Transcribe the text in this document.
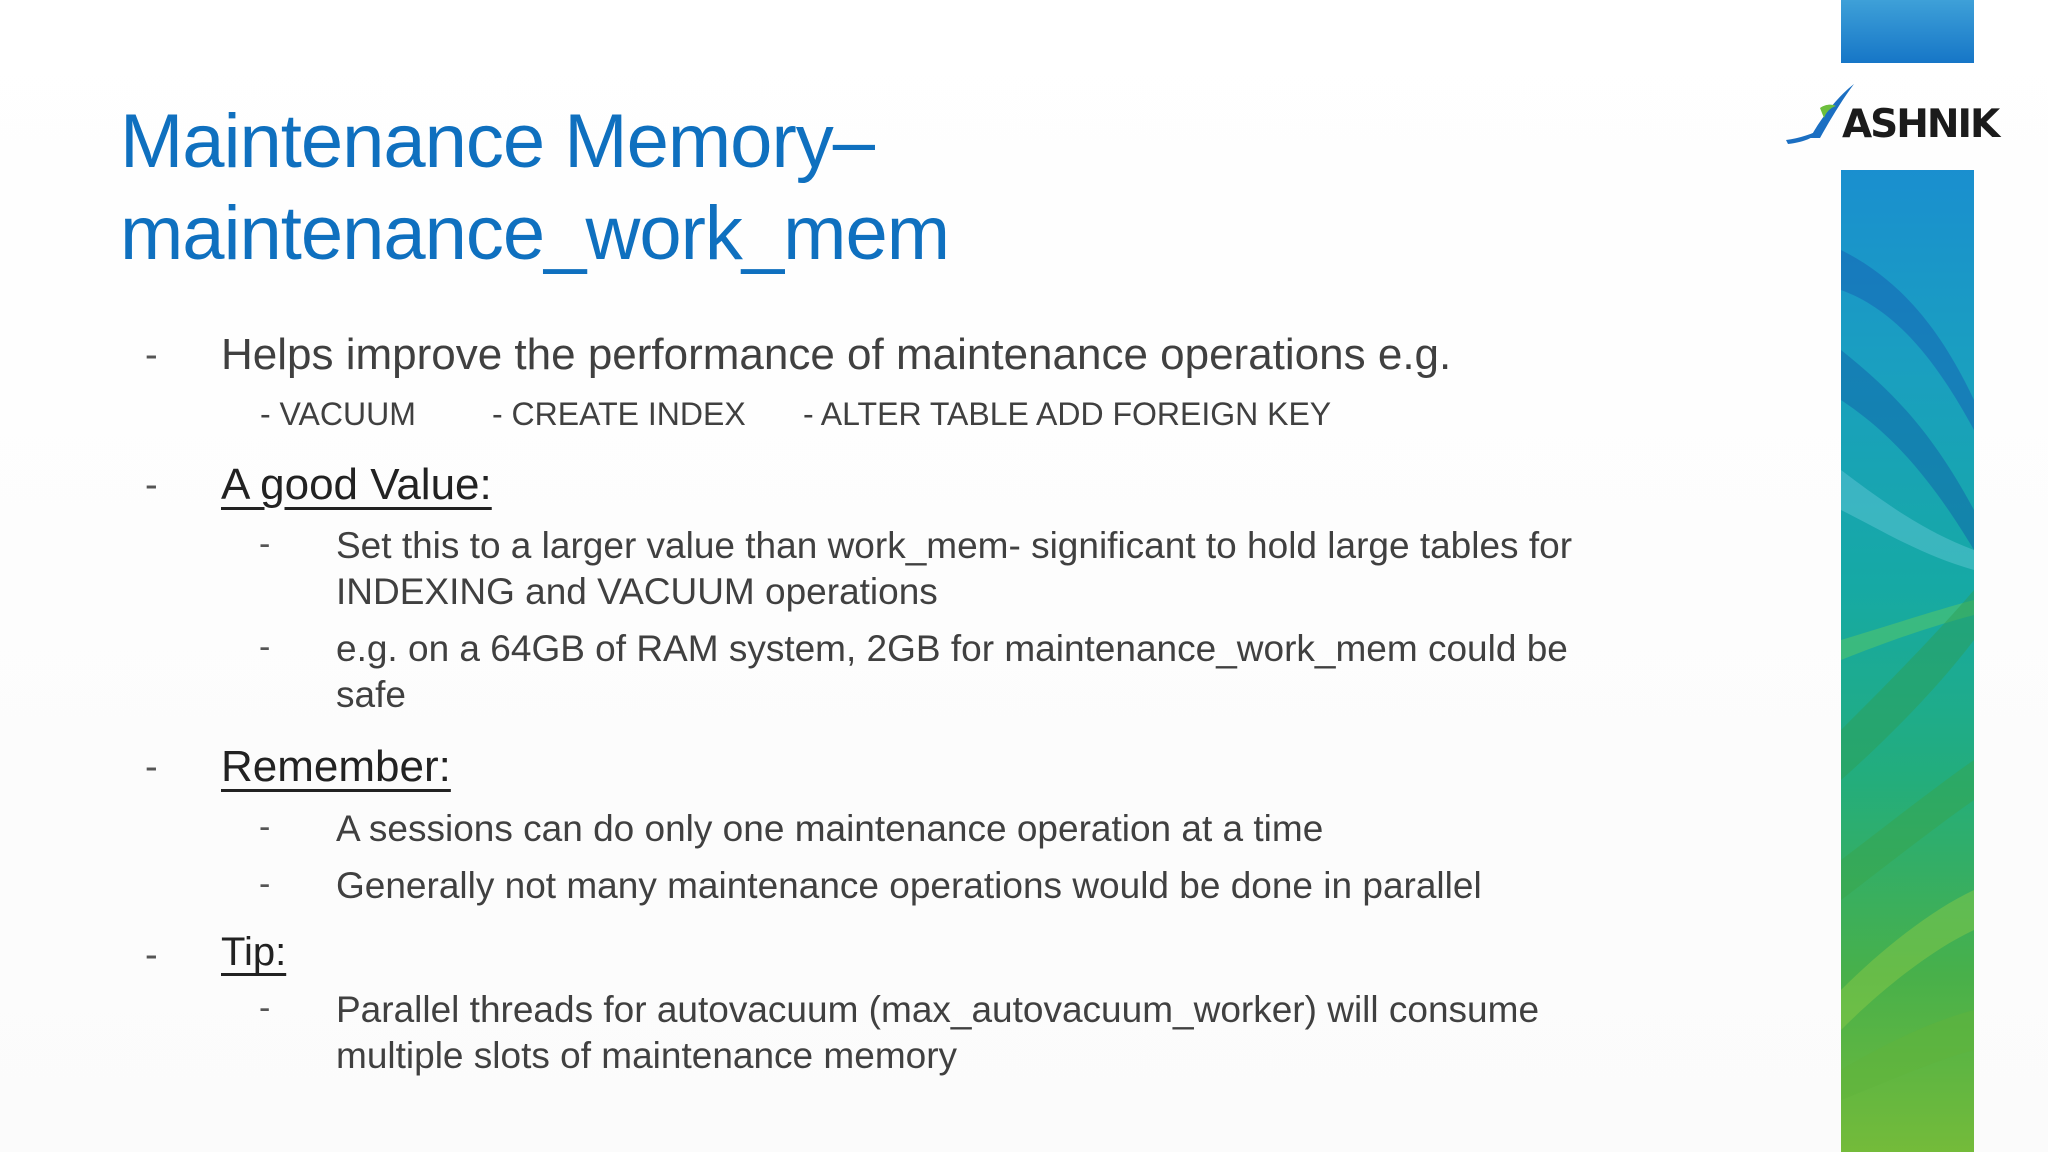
Maintenance Memory–
maintenance_work_mem
- Helps improve the performance of maintenance operations e.g.
- VACUUM - CREATE INDEX - ALTER TABLE ADD FOREIGN KEY
- A good Value:
- Set this to a larger value than work_mem- significant to hold large tables for
INDEXING and VACUUM operations
- e.g. on a 64GB of RAM system, 2GB for maintenance_work_mem could be
safe
- Remember:
- A sessions can do only one maintenance operation at a time
- Generally not many maintenance operations would be done in parallel
- Tip:
- Parallel threads for autovacuum (max_autovacuum_worker) will consume
multiple slots of maintenance memory
ASHNIK
